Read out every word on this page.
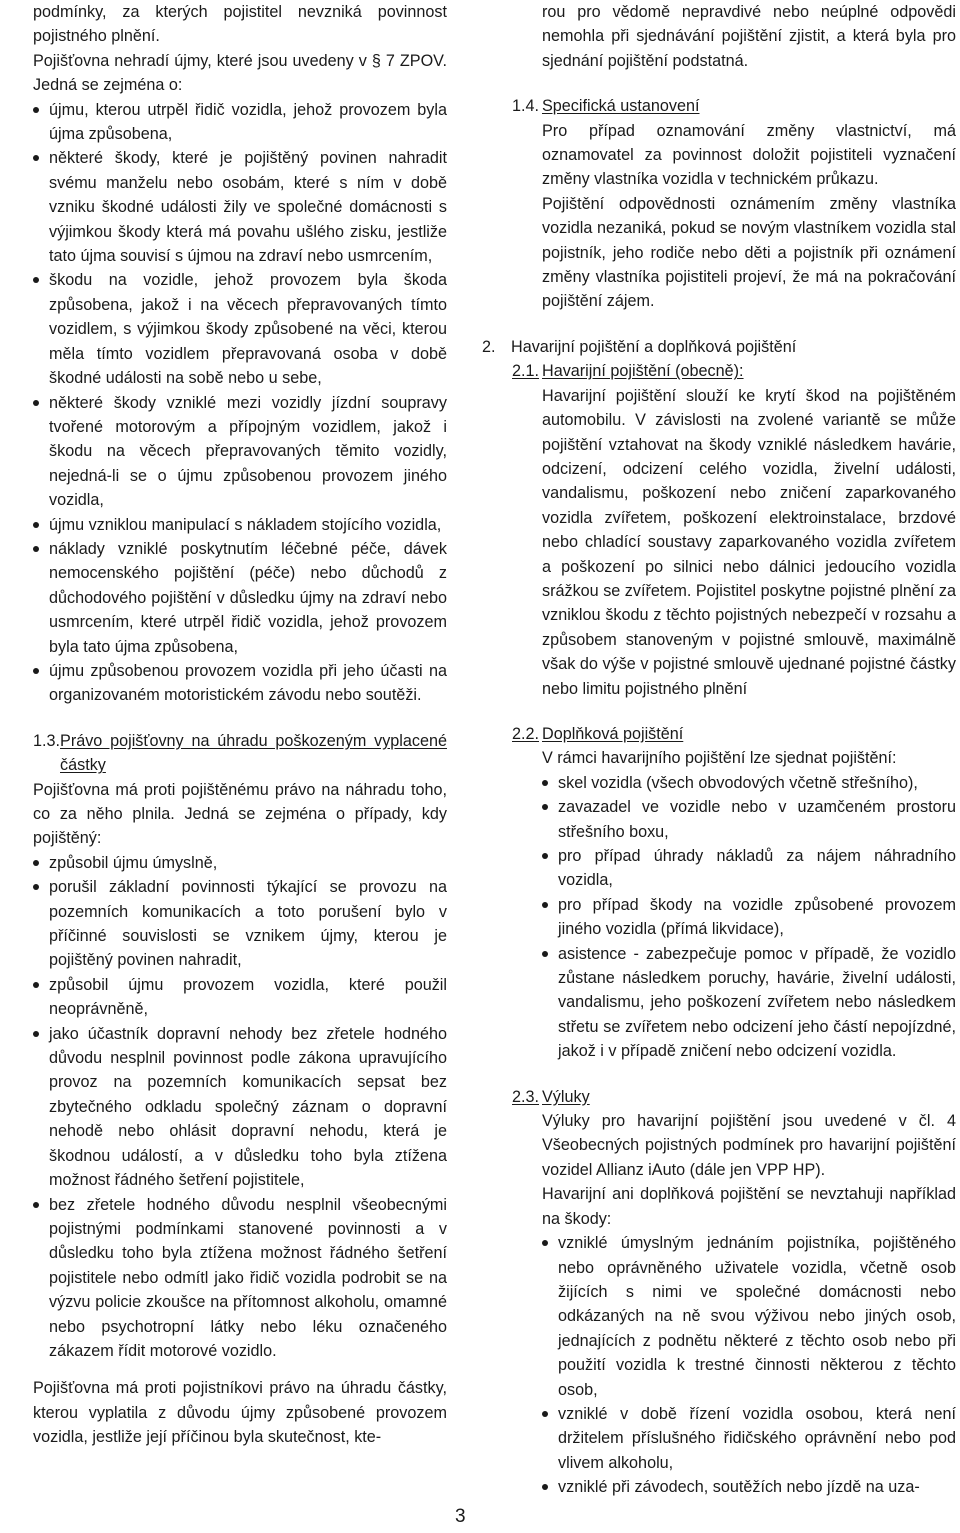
podmínky, za kterých pojistitel nevzniká povinnost pojistného plnění.

Pojišťovna nehradí újmy, které jsou uvedeny v § 7 ZPOV. Jedná se zejména o:

újmu, kterou utrpěl řidič vozidla, jehož provozem byla újma způsobena,
některé škody, které je pojištěný povinen nahradit svému manželu nebo osobám, které s ním v době vzniku škodné události žily ve společné domácnosti s výjimkou škody která má povahu ušlého zisku, jestliže tato újma souvisí s újmou na zdraví nebo usmrcením,
škodu na vozidle, jehož provozem byla škoda způsobena, jakož i na věcech přepravovaných tímto vozidlem, s výjimkou škody způsobené na věci, kterou měla tímto vozidlem přepravovaná osoba v době škodné události na sobě nebo u sebe,
některé škody vzniklé mezi vozidly jízdní soupravy tvořené motorovým a přípojným vozidlem, jakož i škodu na věcech přepravovaných těmito vozidly, nejedná-li se o újmu způsobenou provozem jiného vozidla,
újmu vzniklou manipulací s nákladem stojícího vozidla,
náklady vzniklé poskytnutím léčebné péče, dávek nemocenského pojištění (péče) nebo důchodů z důchodového pojištění v důsledku újmy na zdraví nebo usmrcením, které utrpěl řidič vozidla, jehož provozem byla tato újma způsobena,
újmu způsobenou provozem vozidla při jeho účasti na organizovaném motoristickém závodu nebo soutěži.
1.3. Právo pojišťovny na úhradu poškozeným vyplacené částky

Pojišťovna má proti pojištěnému právo na náhradu toho, co za něho plnila. Jedná se zejména o případy, kdy pojištěný:

způsobil újmu úmyslně,
porušil základní povinnosti týkající se provozu na pozemních komunikacích a toto porušení bylo v příčinné souvislosti se vznikem újmy, kterou je pojištěný povinen nahradit,
způsobil újmu provozem vozidla, které použil neoprávněně,
jako účastník dopravní nehody bez zřetele hodného důvodu nesplnil povinnost podle zákona upravujícího provoz na pozemních komunikacích sepsat bez zbytečného odkladu společný záznam o dopravní nehodě nebo ohlásit dopravní nehodu, která je škodnou událostí, a v důsledku toho byla ztížena možnost řádného šetření pojistitele,
bez zřetele hodného důvodu nesplnil všeobecnými pojistnými podmínkami stanovené povinnosti a v důsledku toho byla ztížena možnost řádného šetření pojistitele nebo odmítl jako řidič vozidla podrobit se na výzvu policie zkoušce na přítomnost alkoholu, omamné nebo psychotropní látky nebo léku označeného zákazem řídit motorové vozidlo.

Pojišťovna má proti pojistníkovi právo na úhradu částky, kterou vyplatila z důvodu újmy způsobené provozem vozidla, jestliže její příčinou byla skutečnost, kte-

rou pro vědomě nepravdivé nebo neúplné odpovědi nemohla při sjednávání pojištění zjistit, a která byla pro sjednání pojištění podstatná.

1.4. Specifická ustanovení

Pro případ oznamování změny vlastnictví, má oznamovatel za povinnost doložit pojistiteli vyznačení změny vlastníka vozidla v technickém průkazu.

Pojištění odpovědnosti oznámením změny vlastníka vozidla nezaniká, pokud se novým vlastníkem vozidla stal pojistník, jeho rodiče nebo děti a pojistník při oznámení změny vlastníka pojistiteli projeví, že má na pokračování pojištění zájem.

2. Havarijní pojištění a doplňková pojištění
2.1. Havarijní pojištění (obecně):

Havarijní pojištění slouží ke krytí škod na pojištěném automobilu. V závislosti na zvolené variantě se může pojištění vztahovat na škody vzniklé následkem havárie, odcizení, odcizení celého vozidla, živelní události, vandalismu, poškození nebo zničení zaparkovaného vozidla zvířetem, poškození elektroinstalace, brzdové nebo chladící soustavy zaparkovaného vozidla zvířetem a poškození po silnici nebo dálnici jedoucího vozidla srážkou se zvířetem. Pojistitel poskytne pojistné plnění za vzniklou škodu z těchto pojistných nebezpečí v rozsahu a způsobem stanoveným v pojistné smlouvě, maximálně však do výše v pojistné smlouvě ujednané pojistné částky nebo limitu pojistného plnění

2.2. Doplňková pojištění

V rámci havarijního pojištění lze sjednat pojištění:

skel vozidla (všech obvodových včetně střešního),
zavazadel ve vozidle nebo v uzamčeném prostoru střešního boxu,
pro případ úhrady nákladů za nájem náhradního vozidla,
pro případ škody na vozidle způsobené provozem jiného vozidla (přímá likvidace),
asistence - zabezpečuje pomoc v případě, že vozidlo zůstane následkem poruchy, havárie, živelní události, vandalismu, jeho poškození zvířetem nebo následkem střetu se zvířetem nebo odcizení jeho částí nepojízdné, jakož i v případě zničení nebo odcizení vozidla.
2.3. Výluky

Výluky pro havarijní pojištění jsou uvedené v čl. 4 Všeobecných pojistných podmínek pro havarijní pojištění vozidel Allianz iAuto (dále jen VPP HP).

Havarijní ani doplňková pojištění se nevztahuji například na škody:

vzniklé úmyslným jednáním pojistníka, pojištěného nebo oprávněného uživatele vozidla, včetně osob žijících s nimi ve společné domácnosti nebo odkázaných na ně svou výživou nebo jiných osob, jednajících z podnětu některé z těchto osob nebo při použití vozidla k trestné činnosti některou z těchto osob,
vzniklé v době řízení vozidla osobou, která není držitelem příslušného řidičského oprávnění nebo pod vlivem alkoholu,
vzniklé při závodech, soutěžích nebo jízdě na uza-
3
